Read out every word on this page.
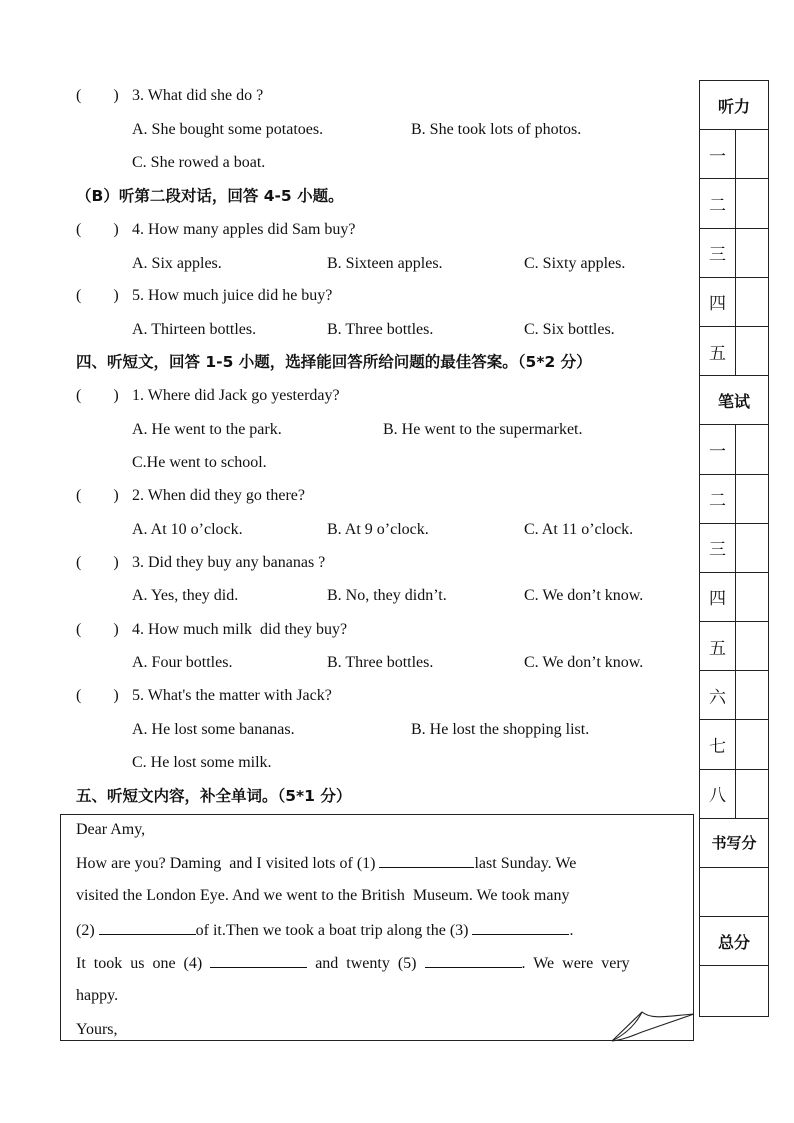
(        ) 3. What did she do ?
A. She bought some potatoes.	B. She took lots of photos.
C. She rowed a boat.
（B）听第二段对话，回答 4-5 小题。
(        ) 4. How many apples did Sam buy?
A. Six apples.	B. Sixteen apples.	C. Sixty apples.
(        ) 5. How much juice did he buy?
A. Thirteen bottles.	B. Three bottles.	C. Six bottles.
四、听短文，回答 1-5 小题，选择能回答所给问题的最佳答案。（5*2 分）
(        ) 1. Where did Jack go yesterday?
A. He went to the park.	B. He went to the supermarket.
C.He went to school.
(        ) 2. When did they go there?
A. At 10 o’clock.	B. At 9 o’clock.	C. At 11 o’clock.
(        ) 3. Did they buy any bananas ?
A. Yes, they did.	B. No, they didn’t.	C. We don’t know.
(        ) 4. How much milk  did they buy?
A. Four bottles.	B. Three bottles.	C. We don’t know.
(        ) 5. What's the matter with Jack?
A. He lost some bananas.	B. He lost the shopping list.
C. He lost some milk.
五、听短文内容，补全单词。（5*1 分）
Dear Amy,
How are you? Daming  and I visited lots of (1)	last Sunday. We
visited the London Eye. And we went to the British  Museum. We took many
(2)	of it.Then we took a boat trip along the (3)	.
It  took  us  one  (4)	and  twenty  (5)	.  We  were  very
happy.
Yours,
听力
一
二
三
四
五
笔试
一
二
三
四
五
六
七
八
书写分
总分
